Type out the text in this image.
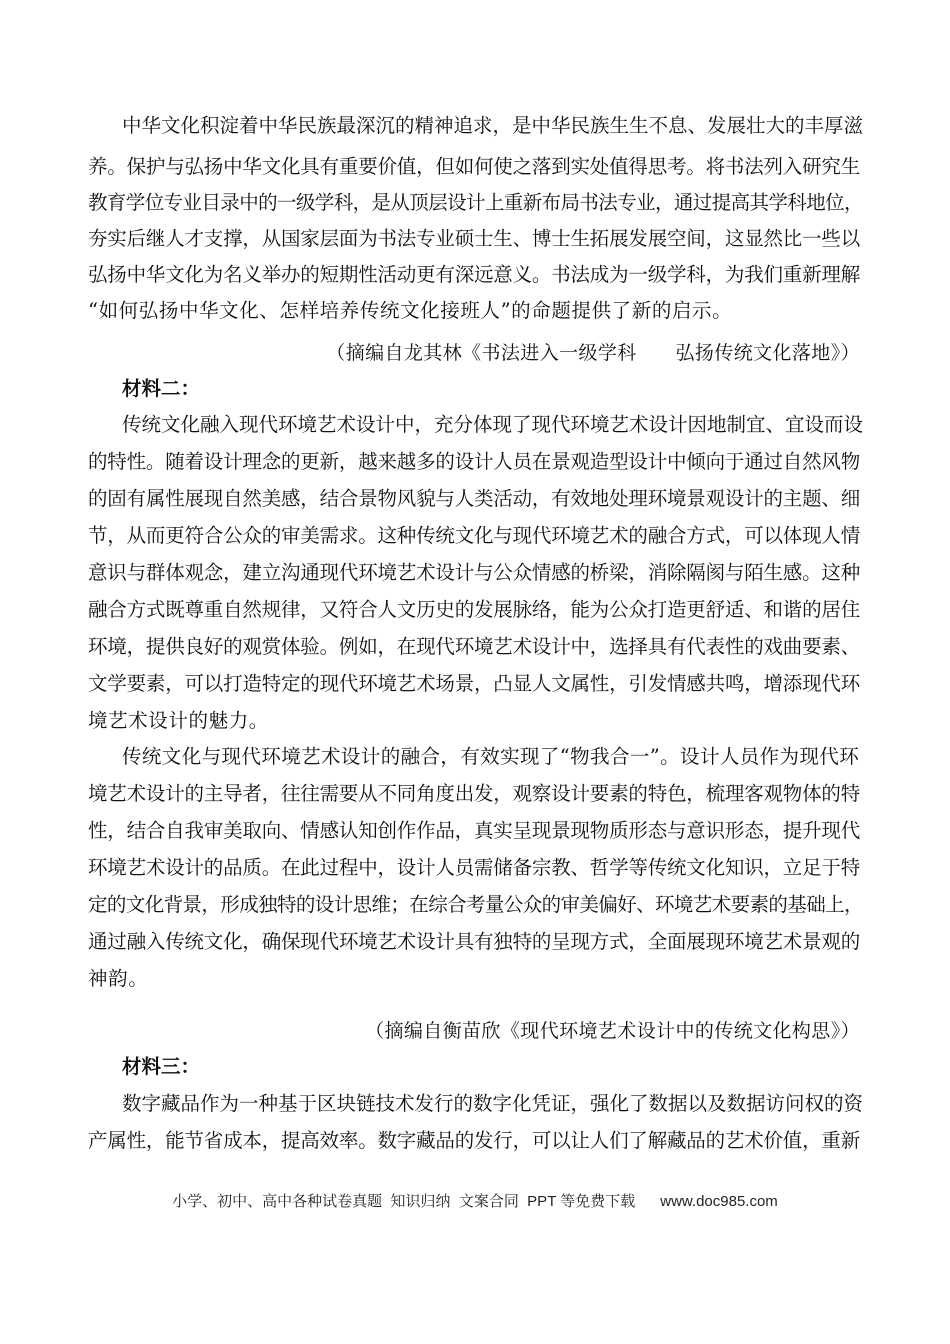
中华文化积淀着中华民族最深沉的精神追求，是中华民族生生不息、发展壮大的丰厚滋
养。保护与弘扬中华文化具有重要价值，但如何使之落到实处值得思考。将书法列入研究生
教育学位专业目录中的一级学科，是从顶层设计上重新布局书法专业，通过提高其学科地位，
夯实后继人才支撑，从国家层面为书法专业硕士生、博士生拓展发展空间，这显然比一些以
弘扬中华文化为名义举办的短期性活动更有深远意义。书法成为一级学科，为我们重新理解
“如何弘扬中华文化、怎样培养传统文化接班人”的命题提供了新的启示。
（摘编自龙其林《书法进入一级学科　　弘扬传统文化落地》）
材料二：
传统文化融入现代环境艺术设计中，充分体现了现代环境艺术设计因地制宜、宜设而设
的特性。随着设计理念的更新，越来越多的设计人员在景观造型设计中倾向于通过自然风物
的固有属性展现自然美感，结合景物风貌与人类活动，有效地处理环境景观设计的主题、细
节，从而更符合公众的审美需求。这种传统文化与现代环境艺术的融合方式，可以体现人情
意识与群体观念，建立沟通现代环境艺术设计与公众情感的桥梁，消除隔阂与陌生感。这种
融合方式既尊重自然规律，又符合人文历史的发展脉络，能为公众打造更舒适、和谐的居住
环境，提供良好的观赏体验。例如，在现代环境艺术设计中，选择具有代表性的戏曲要素、
文学要素，可以打造特定的现代环境艺术场景，凸显人文属性，引发情感共鸣，增添现代环
境艺术设计的魅力。
传统文化与现代环境艺术设计的融合，有效实现了“物我合一”。设计人员作为现代环
境艺术设计的主导者，往往需要从不同角度出发，观察设计要素的特色，梳理客观物体的特
性，结合自我审美取向、情感认知创作作品，真实呈现景现物质形态与意识形态，提升现代
环境艺术设计的品质。在此过程中，设计人员需储备宗教、哲学等传统文化知识，立足于特
定的文化背景，形成独特的设计思维；在综合考量公众的审美偏好、环境艺术要素的基础上，
通过融入传统文化，确保现代环境艺术设计具有独特的呈现方式，全面展现环境艺术景观的
神韵。
（摘编自衡苗欣《现代环境艺术设计中的传统文化构思》）
材料三：
数字藏品作为一种基于区块链技术发行的数字化凭证，强化了数据以及数据访问权的资
产属性，能节省成本，提高效率。数字藏品的发行，可以让人们了解藏品的艺术价值，重新
小学、初中、高中各种试卷真题  知识归纳  文案合同  PPT 等免费下载      www.doc985.com
